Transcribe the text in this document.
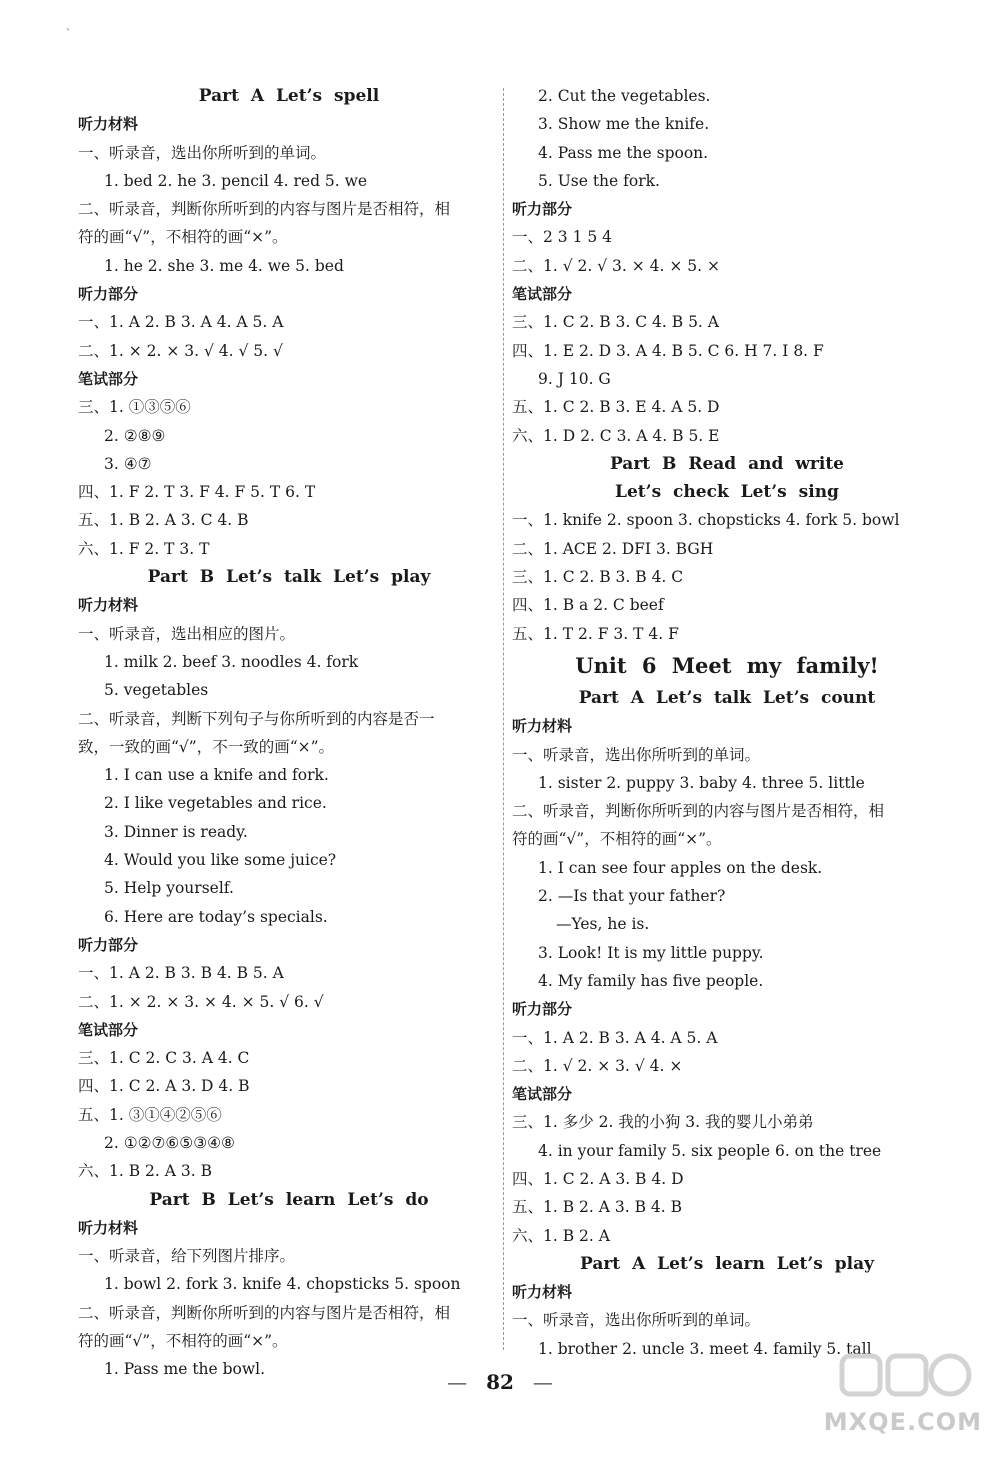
、
Part A Let’s spell
听力材料
一、听录音，选出你所听到的单词。
1. bed 2. he 3. pencil 4. red 5. we
二、听录音，判断你所听到的内容与图片是否相符，相
符的画“√”，不相符的画“×”。
1. he 2. she 3. me 4. we 5. bed
听力部分
一、1. A 2. B 3. A 4. A 5. A
二、1. × 2. × 3. √ 4. √ 5. √
笔试部分
三、1. ①③⑤⑥
2. ②⑧⑨
3. ④⑦
四、1. F 2. T 3. F 4. F 5. T 6. T
五、1. B 2. A 3. C 4. B
六、1. F 2. T 3. T
Part B Let’s talk Let’s play
听力材料
一、听录音，选出相应的图片。
1. milk 2. beef 3. noodles 4. fork
5. vegetables
二、听录音，判断下列句子与你所听到的内容是否一
致，一致的画“√”，不一致的画“×”。
1. I can use a knife and fork.
2. I like vegetables and rice.
3. Dinner is ready.
4. Would you like some juice?
5. Help yourself.
6. Here are today’s specials.
听力部分
一、1. A 2. B 3. B 4. B 5. A
二、1. × 2. × 3. × 4. × 5. √ 6. √
笔试部分
三、1. C 2. C 3. A 4. C
四、1. C 2. A 3. D 4. B
五、1. ③①④②⑤⑥
2. ①②⑦⑥⑤③④⑧
六、1. B 2. A 3. B
Part B Let’s learn Let’s do
听力材料
一、听录音，给下列图片排序。
1. bowl 2. fork 3. knife 4. chopsticks 5. spoon
二、听录音，判断你所听到的内容与图片是否相符，相
符的画“√”，不相符的画“×”。
1. Pass me the bowl.
2. Cut the vegetables.
3. Show me the knife.
4. Pass me the spoon.
5. Use the fork.
听力部分
一、2 3 1 5 4
二、1. √ 2. √ 3. × 4. × 5. ×
笔试部分
三、1. C 2. B 3. C 4. B 5. A
四、1. E 2. D 3. A 4. B 5. C 6. H 7. I 8. F
9. J 10. G
五、1. C 2. B 3. E 4. A 5. D
六、1. D 2. C 3. A 4. B 5. E
Part B Read and write
Let’s check Let’s sing
一、1. knife 2. spoon 3. chopsticks 4. fork 5. bowl
二、1. ACE 2. DFI 3. BGH
三、1. C 2. B 3. B 4. C
四、1. B a 2. C beef
五、1. T 2. F 3. T 4. F
Unit 6 Meet my family!
Part A Let’s talk Let’s count
听力材料
一、听录音，选出你所听到的单词。
1. sister 2. puppy 3. baby 4. three 5. little
二、听录音，判断你所听到的内容与图片是否相符，相
符的画“√”，不相符的画“×”。
1. I can see four apples on the desk.
2. —Is that your father?
—Yes, he is.
3. Look! It is my little puppy.
4. My family has five people.
听力部分
一、1. A 2. B 3. A 4. A 5. A
二、1. √ 2. × 3. √ 4. ×
笔试部分
三、1. 多少 2. 我的小狗 3. 我的婴儿小弟弟
4. in your family 5. six people 6. on the tree
四、1. C 2. A 3. B 4. D
五、1. B 2. A 3. B 4. B
六、1. B 2. A
Part A Let’s learn Let’s play
听力材料
一、听录音，选出你所听到的单词。
1. brother 2. uncle 3. meet 4. family 5. tall
— 82 —
MXQE.COM
